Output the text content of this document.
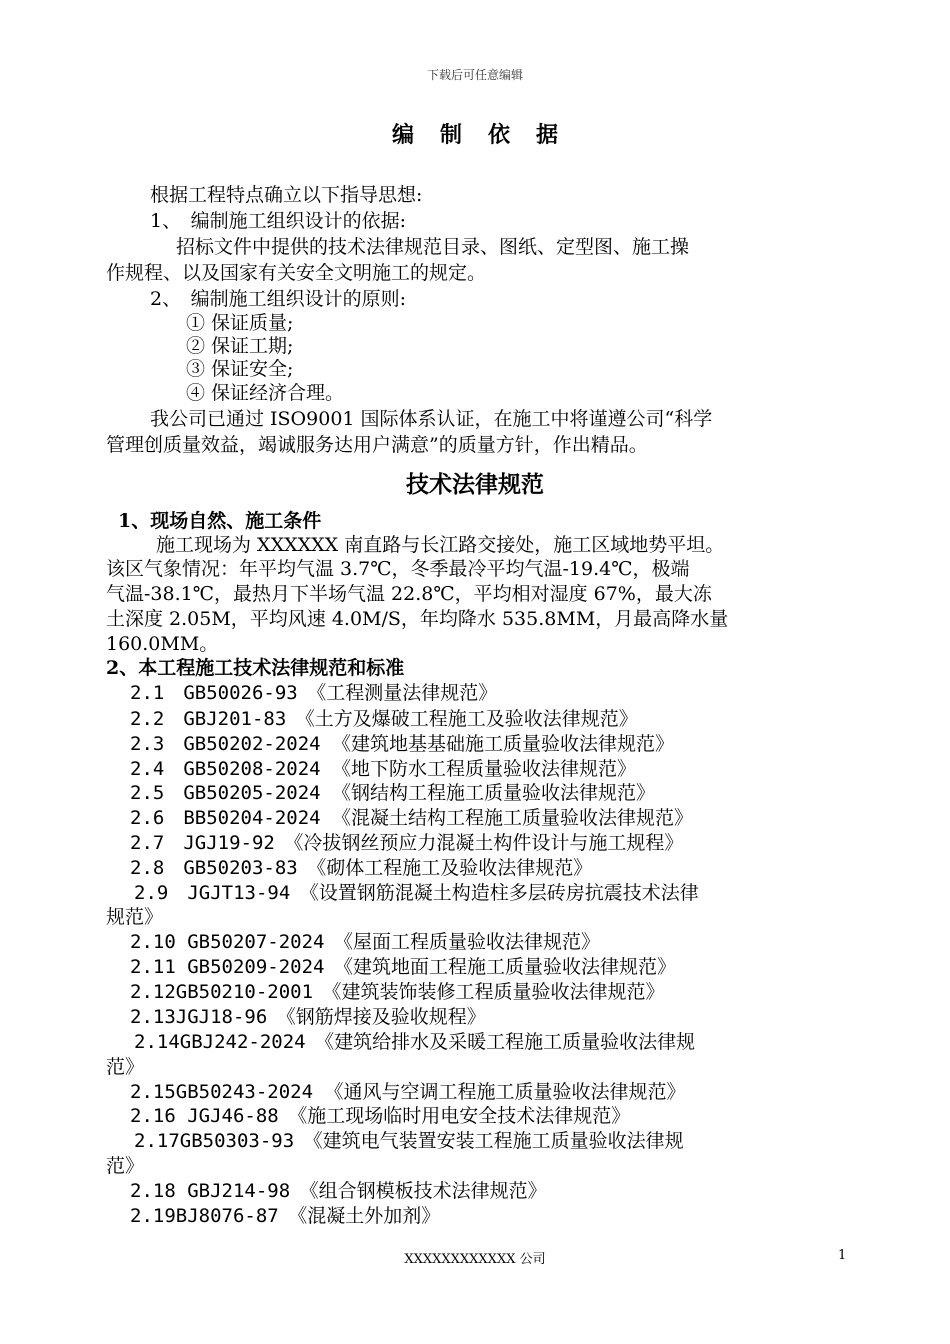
下载后可任意编辑
编制依据
根据工程特点确立以下指导思想:
1、　编制施工组织设计的依据:
招标文件中提供的技术法律规范目录、图纸、定型图、施工操
作规程、以及国家有关安全文明施工的规定。
2、　编制施工组织设计的原则:
① 保证质量;
② 保证工期;
③ 保证安全;
④ 保证经济合理。
我公司已通过 ISO9001 国际体系认证，在施工中将谨遵公司“科学
管理创质量效益，竭诚服务达用户满意”的质量方针，作出精品。
技术法律规范
1、现场自然、施工条件
施工现场为 XXXXXX 南直路与长江路交接处，施工区域地势平坦。
该区气象情况：年平均气温 3.7℃，冬季最冷平均气温-19.4℃，极端
气温-38.1℃，最热月下半场气温 22.8℃，平均相对湿度 67%，最大冻
土深度 2.05M，平均风速 4.0M/S，年均降水 535.8MM，月最高降水量
160.0MM。
2、本工程施工技术法律规范和标准
2.1　GB50026-93　《工程测量法律规范》
2.2　GBJ201-83　《土方及爆破工程施工及验收法律规范》
2.3　GB50202-2024 《建筑地基基础施工质量验收法律规范》
2.4　GB50208-2024 《地下防水工程质量验收法律规范》
2.5　GB50205-2024 《钢结构工程施工质量验收法律规范》
2.6　BB50204-2024 《混凝土结构工程施工质量验收法律规范》
2.7　JGJ19-92　《冷拔钢丝预应力混凝土构件设计与施工规程》
2.8　GB50203-83　《砌体工程施工及验收法律规范》
2.9　JGJT13-94　《设置钢筋混凝土构造柱多层砖房抗震技术法律
规范》
2.10 GB50207-2024　《屋面工程质量验收法律规范》
2.11 GB50209-2024　《建筑地面工程施工质量验收法律规范》
2.12GB50210-2001　《建筑装饰装修工程质量验收法律规范》
2.13JGJ18-96　《钢筋焊接及验收规程》
2.14GBJ242-2024　《建筑给排水及采暖工程施工质量验收法律规
范》
2.15GB50243-2024 《通风与空调工程施工质量验收法律规范》
2.16 JGJ46-88　《施工现场临时用电安全技术法律规范》
2.17GB50303-93　《建筑电气装置安装工程施工质量验收法律规
范》
2.18 GBJ214-98　《组合钢模板技术法律规范》
2.19BJ8076-87　《混凝土外加剂》
XXXXXXXXXXXX 公司	1
